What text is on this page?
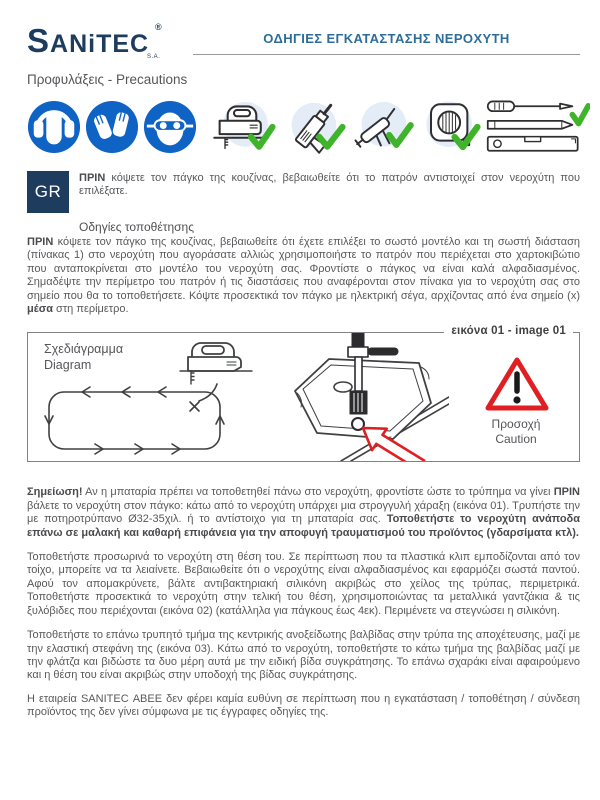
SANiTEC
®
S.A.
ΟΔΗΓΙΕΣ ΕΓΚΑΤΑΣΤΑΣΗΣ ΝΕΡΟΧΥΤΗ
Προφυλάξεις - Precautions
GR

ΠΡΙΝ κόψετε τον πάγκο της κουζίνας, βεβαιωθείτε ότι το πατρόν αντιστοιχεί στον νεροχύτη που επιλέξατε.

Οδηγίες τοποθέτησης

ΠΡΙΝ κόψετε τον πάγκο της κουζίνας, βεβαιωθείτε ότι έχετε επιλέξει το σωστό μοντέλο και τη σωστή διάσταση (πίνακας 1) στο νεροχύτη που αγοράσατε αλλιώς χρησιμοποιήστε το πατρόν που περιέχεται στο χαρτοκιβώτιο που ανταποκρίνεται στο μοντέλο του νεροχύτη σας. Φροντίστε ο πάγκος να είναι καλά αλφαδιασμένος. Σημαδέψτε την περίμετρο του πατρόν ή τις διαστάσεις που αναφέρονται στον πίνακα για το νεροχύτη σας στο σημείο που θα το τοποθετήσετε. Κόψτε προσεκτικά τον πάγκο με ηλεκτρική σέγα, αρχίζοντας από ένα σημείο (x) μέσα στη περίμετρο.

εικόνα 01 - image 01
Σχεδιάγραμμα
Diagram
Προσοχή
Caution

Σημείωση! Αν η μπαταρία πρέπει να τοποθετηθεί πάνω στο νεροχύτη, φροντίστε ώστε το τρύπημα να γίνει ΠΡΙΝ βάλετε το νεροχύτη στον πάγκο: κάτω από το νεροχύτη υπάρχει μια στρογγυλή χάραξη (εικόνα 01). Τρυπήστε την με ποτηροτρύπανο Ø32-35χιλ. ή το αντίστοιχο για τη μπαταρία σας. Τοποθετήστε το νεροχύτη ανάποδα επάνω σε μαλακή και καθαρή επιφάνεια για την αποφυγή τραυματισμού του προϊόντος (γδαρσίματα κτλ).

Τοποθετήστε προσωρινά το νεροχύτη στη θέση του. Σε περίπτωση που τα πλαστικά κλιπ εμποδίζονται από τον τοίχο, μπορείτε να τα λειαίνετε. Βεβαιωθείτε ότι ο νεροχύτης είναι αλφαδιασμένος και εφαρμόζει σωστά παντού. Αφού τον απομακρύνετε, βάλτε αντιβακτηριακή σιλικόνη ακριβώς στο χείλος της τρύπας, περιμετρικά. Τοποθετήστε προσεκτικά το νεροχύτη στην τελική του θέση, χρησιμοποιώντας τα μεταλλικά γαντζάκια & τις ξυλόβιδες που περιέχονται (εικόνα 02) (κατάλληλα για πάγκους έως 4εκ). Περιμένετε να στεγνώσει η σιλικόνη.

Τοποθετήστε το επάνω τρυπητό τμήμα της κεντρικής ανοξείδωτης βαλβίδας στην τρύπα της αποχέτευσης, μαζί με την ελαστική στεφάνη της (εικόνα 03). Κάτω από το νεροχύτη, τοποθετήστε το κάτω τμήμα της βαλβίδας μαζί με την φλάτζα και βιδώστε τα δυο μέρη αυτά με την ειδική βίδα συγκράτησης. Το επάνω σχαράκι είναι αφαιρούμενο και η θέση του είναι ακριβώς στην υποδοχή της βίδας συγκράτησης.

Η εταιρεία SANITEC ΑΒΕΕ δεν φέρει καμία ευθύνη σε περίπτωση που η εγκατάσταση / τοποθέτηση / σύνδεση προϊόντος της δεν γίνει σύμφωνα με τις έγγραφες οδηγίες της.
